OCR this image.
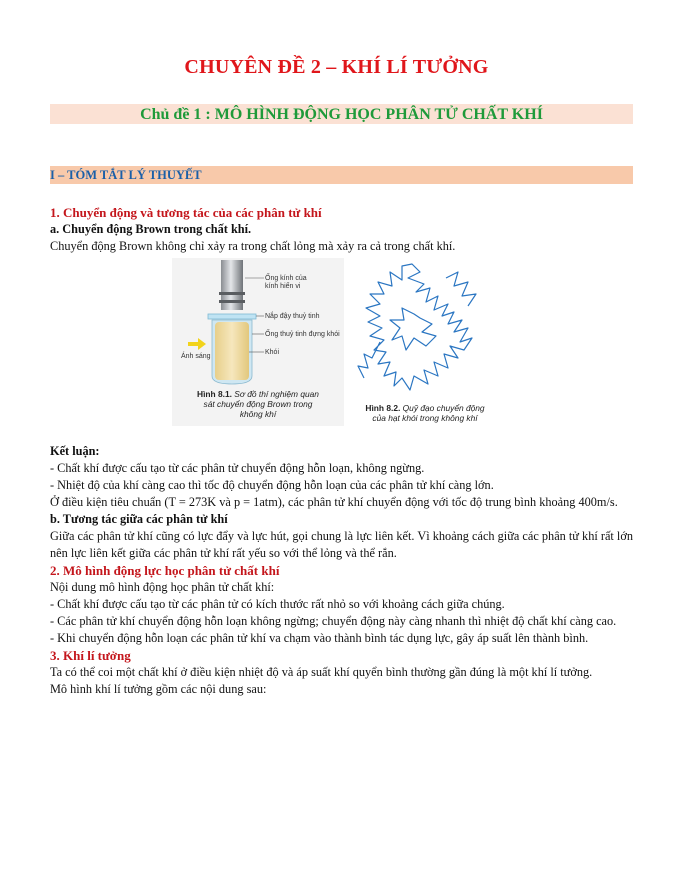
CHUYÊN ĐỀ 2 – KHÍ LÍ TƯỞNG
Chủ đề 1 : MÔ HÌNH ĐỘNG HỌC PHÂN TỬ CHẤT KHÍ
I – TÓM TẮT LÝ THUYẾT

1. Chuyển động và tương tác của các phân tử khí

a. Chuyển động Brown trong chất khí.

Chuyển động Brown không chỉ xảy ra trong chất lỏng mà xảy ra cả trong chất khí.

Ống kính của
kính hiển vi
Nắp đậy thuỷ tinh
Ống thuỷ tinh đựng khói
Khói
Ánh sáng
Hình 8.1. Sơ đồ thí nghiệm quan
sát chuyển động Brown trong
không khí
Hình 8.2. Quỹ đạo chuyển động
của hạt khói trong không khí

Kết luận:

- Chất khí được cấu tạo từ các phân tử chuyển động hỗn loạn, không ngừng.

- Nhiệt độ của khí càng cao thì tốc độ chuyển động hỗn loạn của các phân tử khí càng lớn.

Ở điều kiện tiêu chuẩn (T = 273K và p = 1atm), các phân tử khí chuyển động với tốc độ trung bình khoảng 400m/s.

b. Tương tác giữa các phân tử khí

Giữa các phân tử khí cũng có lực đẩy và lực hút, gọi chung là lực liên kết. Vì khoảng cách giữa các phân tử khí rất lớn nên lực liên kết giữa các phân tử khí rất yếu so với thể lỏng và thể rắn.

2. Mô hình động lực học phân tử chất khí

Nội dung mô hình động học phân tử chất khí:

- Chất khí được cấu tạo từ các phân tử có kích thước rất nhỏ so với khoảng cách giữa chúng.

- Các phân tử khí chuyển động hỗn loạn không ngừng; chuyển động này càng nhanh thì nhiệt độ chất khí càng cao.

- Khi chuyển động hỗn loạn các phân tử khí va chạm vào thành bình tác dụng lực, gây áp suất lên thành bình.

3. Khí lí tưởng

Ta có thể coi một chất khí ở điều kiện nhiệt độ và áp suất khí quyển bình thường gần đúng là một khí lí tưởng.

Mô hình khí lí tưởng gồm các nội dung sau:
